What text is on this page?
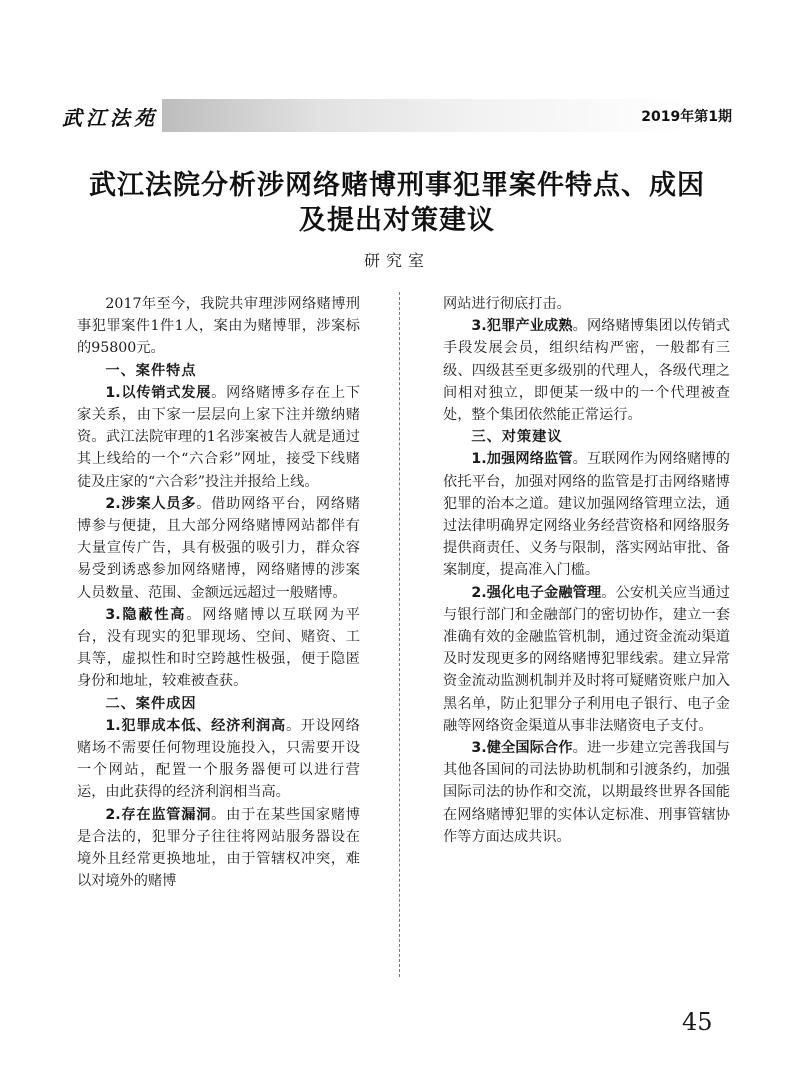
武江法苑	2019年第1期
武江法院分析涉网络赌博刑事犯罪案件特点、成因
及提出对策建议
研究室

2017年至今，我院共审理涉网络赌博刑事犯罪案件1件1人，案由为赌博罪，涉案标的95800元。

一、案件特点

1.以传销式发展。网络赌博多存在上下家关系，由下家一层层向上家下注并缴纳赌资。武江法院审理的1名涉案被告人就是通过其上线给的一个“六合彩”网址，接受下线赌徒及庄家的“六合彩”投注并报给上线。

2.涉案人员多。借助网络平台，网络赌博参与便捷，且大部分网络赌博网站都伴有大量宣传广告，具有极强的吸引力，群众容易受到诱惑参加网络赌博，网络赌博的涉案人员数量、范围、金额远远超过一般赌博。

3.隐蔽性高。网络赌博以互联网为平台，没有现实的犯罪现场、空间、赌资、工具等，虚拟性和时空跨越性极强，便于隐匿身份和地址，较难被查获。

二、案件成因

1.犯罪成本低、经济利润高。开设网络赌场不需要任何物理设施投入，只需要开设一个网站，配置一个服务器便可以进行营运，由此获得的经济利润相当高。

2.存在监管漏洞。由于在某些国家赌博是合法的，犯罪分子往往将网站服务器设在境外且经常更换地址，由于管辖权冲突，难以对境外的赌博

网站进行彻底打击。

3.犯罪产业成熟。网络赌博集团以传销式手段发展会员，组织结构严密，一般都有三级、四级甚至更多级别的代理人，各级代理之间相对独立，即便某一级中的一个代理被查处，整个集团依然能正常运行。

三、对策建议

1.加强网络监管。互联网作为网络赌博的依托平台，加强对网络的监管是打击网络赌博犯罪的治本之道。建议加强网络管理立法，通过法律明确界定网络业务经营资格和网络服务提供商责任、义务与限制，落实网站审批、备案制度，提高准入门槛。

2.强化电子金融管理。公安机关应当通过与银行部门和金融部门的密切协作，建立一套准确有效的金融监管机制，通过资金流动渠道及时发现更多的网络赌博犯罪线索。建立异常资金流动监测机制并及时将可疑赌资账户加入黑名单，防止犯罪分子利用电子银行、电子金融等网络资金渠道从事非法赌资电子支付。

3.健全国际合作。进一步建立完善我国与其他各国间的司法协助机制和引渡条约，加强国际司法的协作和交流，以期最终世界各国能在网络赌博犯罪的实体认定标准、刑事管辖协作等方面达成共识。

45
